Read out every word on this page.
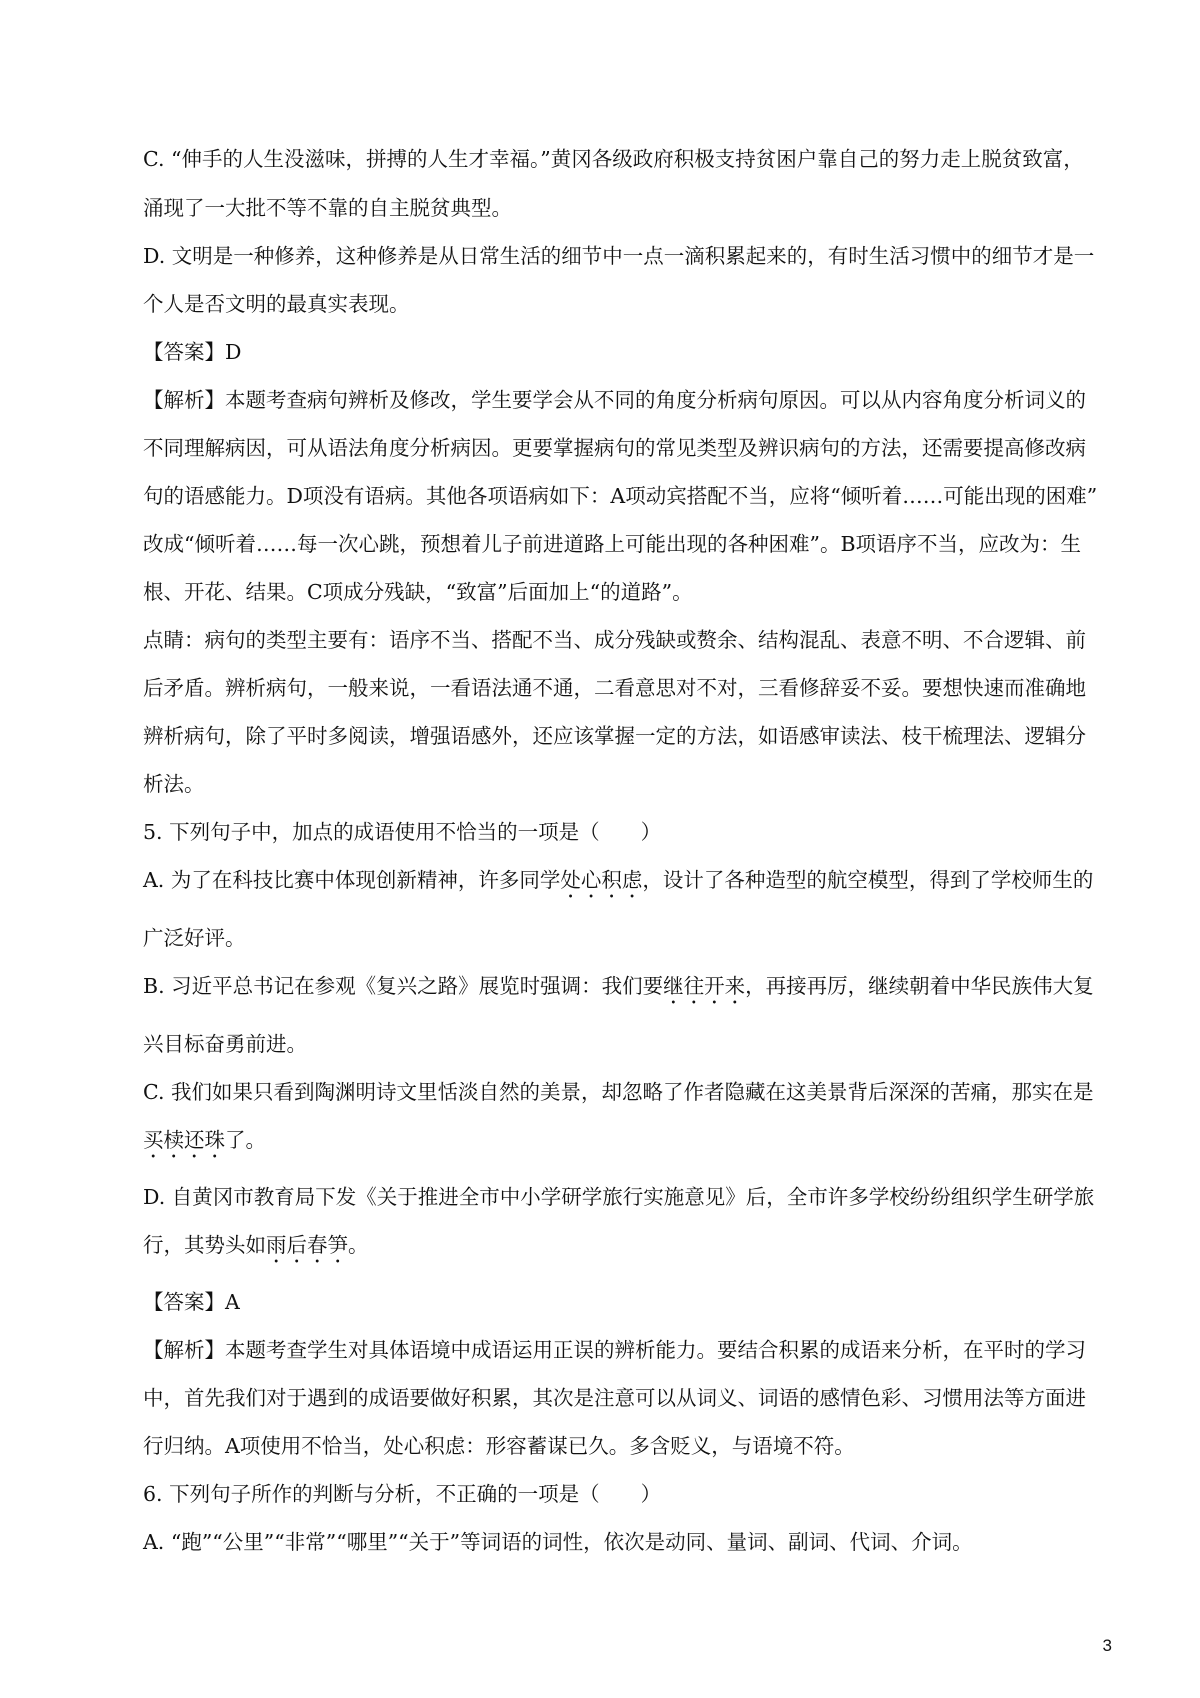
C. “伸手的人生没滋味，拼搏的人生才幸福。”黄冈各级政府积极支持贫困户靠自己的努力走上脱贫致富，
涌现了一大批不等不靠的自主脱贫典型。
D. 文明是一种修养，这种修养是从日常生活的细节中一点一滴积累起来的，有时生活习惯中的细节才是一
个人是否文明的最真实表现。
【答案】D
【解析】本题考查病句辨析及修改，学生要学会从不同的角度分析病句原因。可以从内容角度分析词义的
不同理解病因，可从语法角度分析病因。更要掌握病句的常见类型及辨识病句的方法，还需要提高修改病
句的语感能力。D项没有语病。其他各项语病如下：A项动宾搭配不当，应将“倾听着……可能出现的困难”
改成“倾听着……每一次心跳，预想着儿子前进道路上可能出现的各种困难”。B项语序不当，应改为：生
根、开花、结果。C项成分残缺，“致富”后面加上“的道路”。
点睛：病句的类型主要有：语序不当、搭配不当、成分残缺或赘余、结构混乱、表意不明、不合逻辑、前
后矛盾。辨析病句，一般来说，一看语法通不通，二看意思对不对，三看修辞妥不妥。要想快速而准确地
辨析病句，除了平时多阅读，增强语感外，还应该掌握一定的方法，如语感审读法、枝干梳理法、逻辑分
析法。
5. 下列句子中，加点的成语使用不恰当的一项是（　　）
A. 为了在科技比赛中体现创新精神，许多同学处心积虑，设计了各种造型的航空模型，得到了学校师生的
广泛好评。
B. 习近平总书记在参观《复兴之路》展览时强调：我们要继往开来，再接再厉，继续朝着中华民族伟大复
兴目标奋勇前进。
C. 我们如果只看到陶渊明诗文里恬淡自然的美景，却忽略了作者隐藏在这美景背后深深的苦痛，那实在是
买椟还珠了。
D. 自黄冈市教育局下发《关于推进全市中小学研学旅行实施意见》后，全市许多学校纷纷组织学生研学旅
行，其势头如雨后春笋。
【答案】A
【解析】本题考查学生对具体语境中成语运用正误的辨析能力。要结合积累的成语来分析，在平时的学习
中，首先我们对于遇到的成语要做好积累，其次是注意可以从词义、词语的感情色彩、习惯用法等方面进
行归纳。A项使用不恰当，处心积虑：形容蓄谋已久。多含贬义，与语境不符。
6. 下列句子所作的判断与分析，不正确的一项是（　　）
A. “跑”“公里”“非常”“哪里”“关于”等词语的词性，依次是动同、量词、副词、代词、介词。
3
